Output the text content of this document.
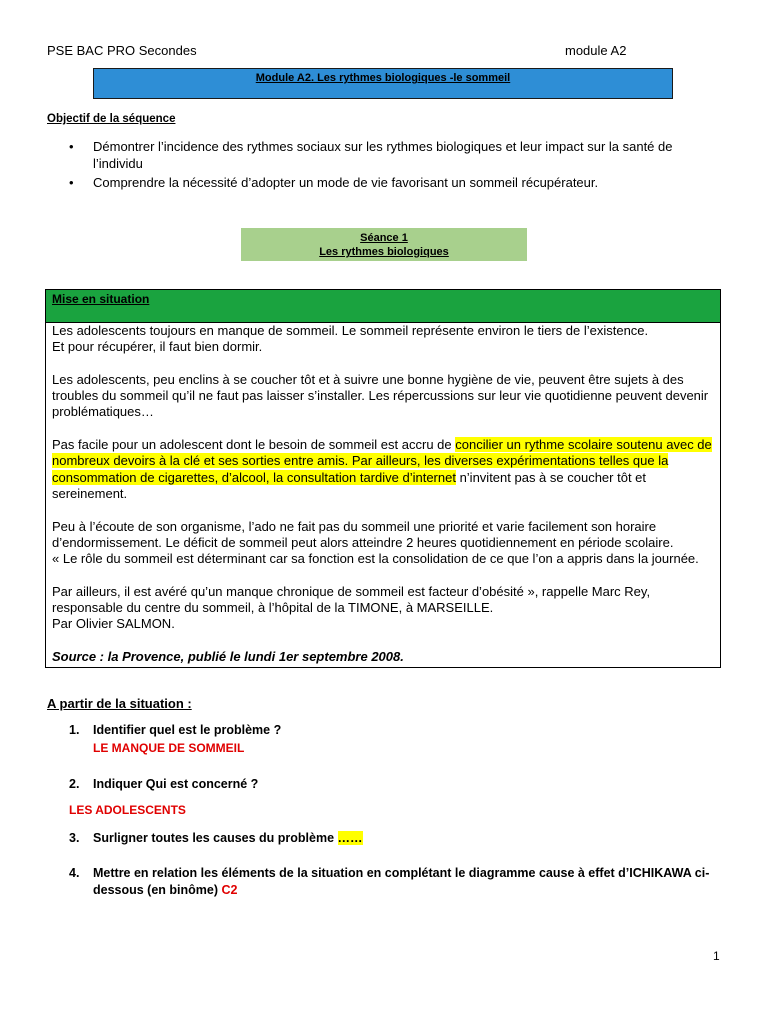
PSE BAC PRO Secondes	module A2
Module A2. Les rythmes biologiques -le sommeil
Objectif de la séquence
•	Démontrer l’incidence des rythmes sociaux sur les rythmes biologiques et leur impact sur la santé de l’individu
•	Comprendre la nécessité d’adopter un mode de vie favorisant un sommeil récupérateur.
Séance 1
Les rythmes biologiques
Mise en situation

Les adolescents toujours en manque de sommeil. Le sommeil représente environ le tiers de l’existence.

Et pour récupérer, il faut bien dormir.

Les adolescents, peu enclins à se coucher tôt et à suivre une bonne hygiène de vie, peuvent être sujets à des troubles du sommeil qu’il ne faut pas laisser s’installer. Les répercussions sur leur vie quotidienne peuvent devenir problématiques…

Pas facile pour un adolescent dont le besoin de sommeil est accru de concilier un rythme scolaire soutenu avec de nombreux devoirs à la clé et ses sorties entre amis. Par ailleurs, les diverses expérimentations telles que la consommation de cigarettes, d’alcool, la consultation tardive d’internet n’invitent pas à se coucher tôt et sereinement.

Peu à l’écoute de son organisme, l’ado ne fait pas du sommeil une priorité et varie facilement son horaire d’endormissement. Le déficit de sommeil peut alors atteindre 2 heures quotidiennement en période scolaire.

« Le rôle du sommeil est déterminant car sa fonction est la consolidation de ce que l’on a appris dans la journée.

Par ailleurs, il est avéré qu’un manque chronique de sommeil est facteur d’obésité », rappelle Marc Rey, responsable du centre du sommeil, à l’hôpital de la TIMONE, à MARSEILLE.

Par Olivier SALMON.

Source : la Provence, publié le lundi 1er septembre 2008.

A partir de la situation :
1.	Identifier quel est le problème ?
LE MANQUE DE SOMMEIL
2.	Indiquer Qui est concerné ?
LES ADOLESCENTS
3.	Surligner toutes les causes du problème ……
4.	Mettre en relation les éléments de la situation en complétant le diagramme cause à effet d’ICHIKAWA ci-dessous (en binôme) C2
1
